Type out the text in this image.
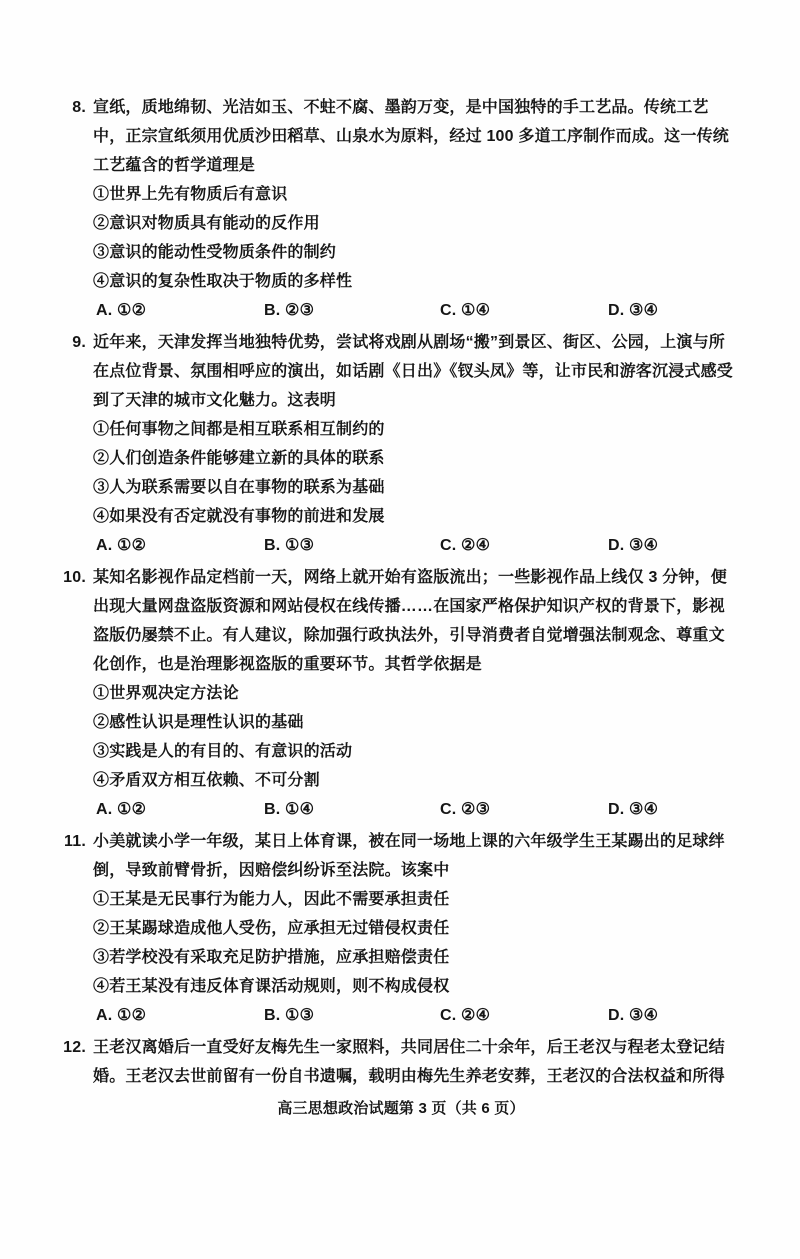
8. 宣纸，质地绵韧、光洁如玉、不蛀不腐、墨韵万变，是中国独特的手工艺品。传统工艺中，正宗宣纸须用优质沙田稻草、山泉水为原料，经过 100 多道工序制作而成。这一传统工艺蕴含的哲学道理是
①世界上先有物质后有意识
②意识对物质具有能动的反作用
③意识的能动性受物质条件的制约
④意识的复杂性取决于物质的多样性
A. ①②	B. ②③	C. ①④	D. ③④
9. 近年来，天津发挥当地独特优势，尝试将戏剧从剧场“搬”到景区、街区、公园，上演与所在点位背景、氛围相呼应的演出，如话剧《日出》《钗头凤》等，让市民和游客沉浸式感受到了天津的城市文化魅力。这表明
①任何事物之间都是相互联系相互制约的
②人们创造条件能够建立新的具体的联系
③人为联系需要以自在事物的联系为基础
④如果没有否定就没有事物的前进和发展
A. ①②	B. ①③	C. ②④	D. ③④
10. 某知名影视作品定档前一天，网络上就开始有盗版流出；一些影视作品上线仅 3 分钟，便出现大量网盘盗版资源和网站侵权在线传播……在国家严格保护知识产权的背景下，影视盗版仍屡禁不止。有人建议，除加强行政执法外，引导消费者自觉增强法制观念、尊重文化创作，也是治理影视盗版的重要环节。其哲学依据是
①世界观决定方法论
②感性认识是理性认识的基础
③实践是人的有目的、有意识的活动
④矛盾双方相互依赖、不可分割
A. ①②	B. ①④	C. ②③	D. ③④
11. 小美就读小学一年级，某日上体育课，被在同一场地上课的六年级学生王某踢出的足球绊倒，导致前臂骨折，因赔偿纠纷诉至法院。该案中
①王某是无民事行为能力人，因此不需要承担责任
②王某踢球造成他人受伤，应承担无过错侵权责任
③若学校没有采取充足防护措施，应承担赔偿责任
④若王某没有违反体育课活动规则，则不构成侵权
A. ①②	B. ①③	C. ②④	D. ③④
12. 王老汉离婚后一直受好友梅先生一家照料，共同居住二十余年，后王老汉与程老太登记结婚。王老汉去世前留有一份自书遗嘱，载明由梅先生养老安葬，王老汉的合法权益和所得
高三思想政治试题第 3 页（共 6 页）
